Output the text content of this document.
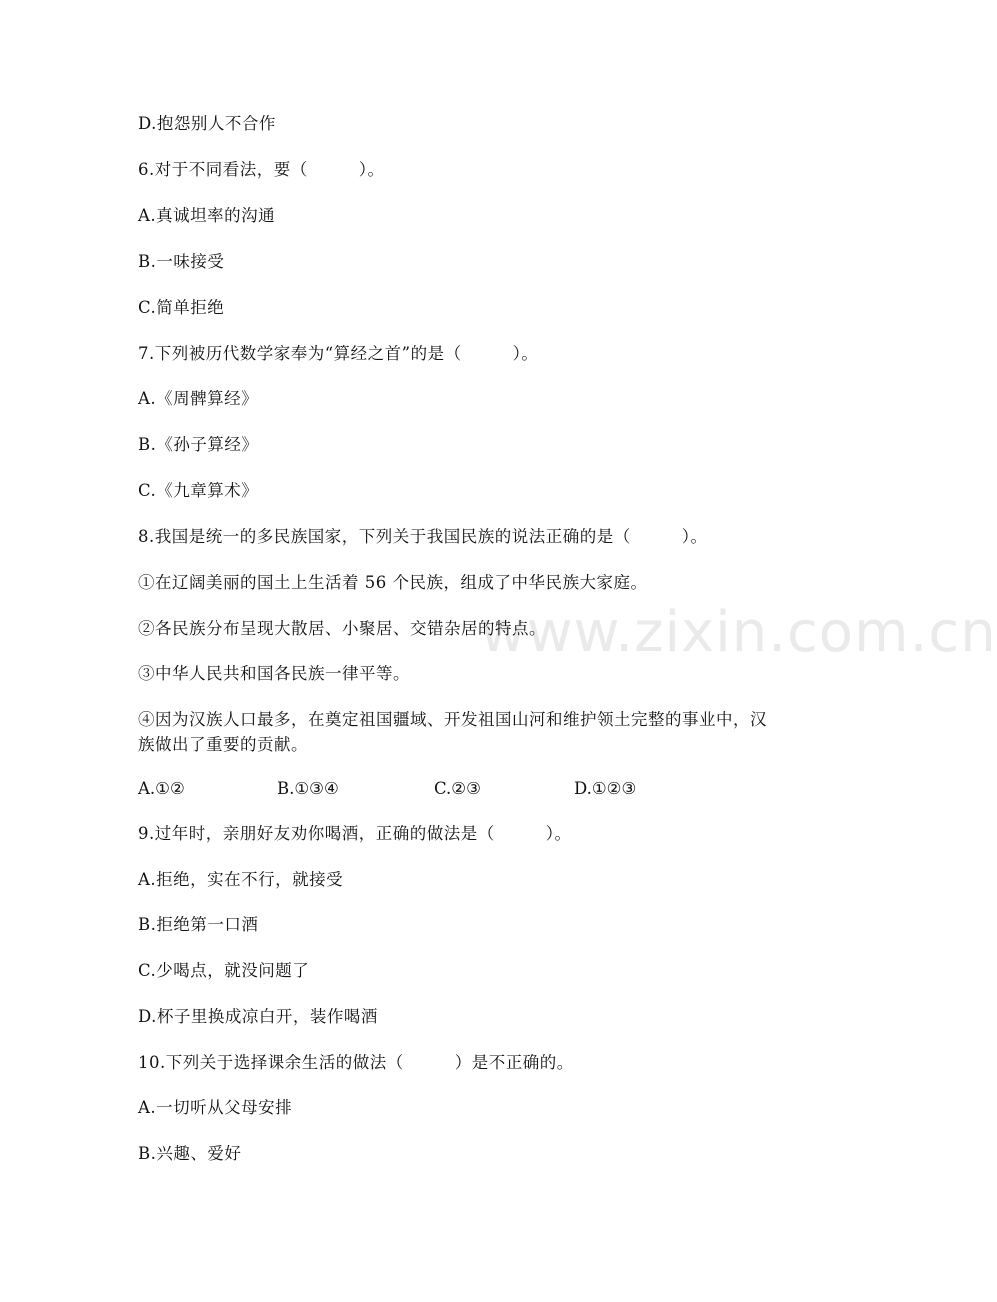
www.zixin.com.cn
D.抱怨别人不合作
6.对于不同看法，要（　　　）。
A.真诚坦率的沟通
B.一味接受
C.简单拒绝
7.下列被历代数学家奉为“算经之首”的是（　　　）。
A.《周髀算经》
B.《孙子算经》
C.《九章算术》
8.我国是统一的多民族国家，下列关于我国民族的说法正确的是（　　　）。
①在辽阔美丽的国土上生活着 56 个民族，组成了中华民族大家庭。
②各民族分布呈现大散居、小聚居、交错杂居的特点。
③中华人民共和国各民族一律平等。
④因为汉族人口最多，在奠定祖国疆域、开发祖国山河和维护领土完整的事业中，汉族做出了重要的贡献。
A.①②	B.①③④	C.②③	D.①②③
9.过年时，亲朋好友劝你喝酒，正确的做法是（　　　）。
A.拒绝，实在不行，就接受
B.拒绝第一口酒
C.少喝点，就没问题了
D.杯子里换成凉白开，装作喝酒
10.下列关于选择课余生活的做法（　　　）是不正确的。
A.一切听从父母安排
B.兴趣、爱好
